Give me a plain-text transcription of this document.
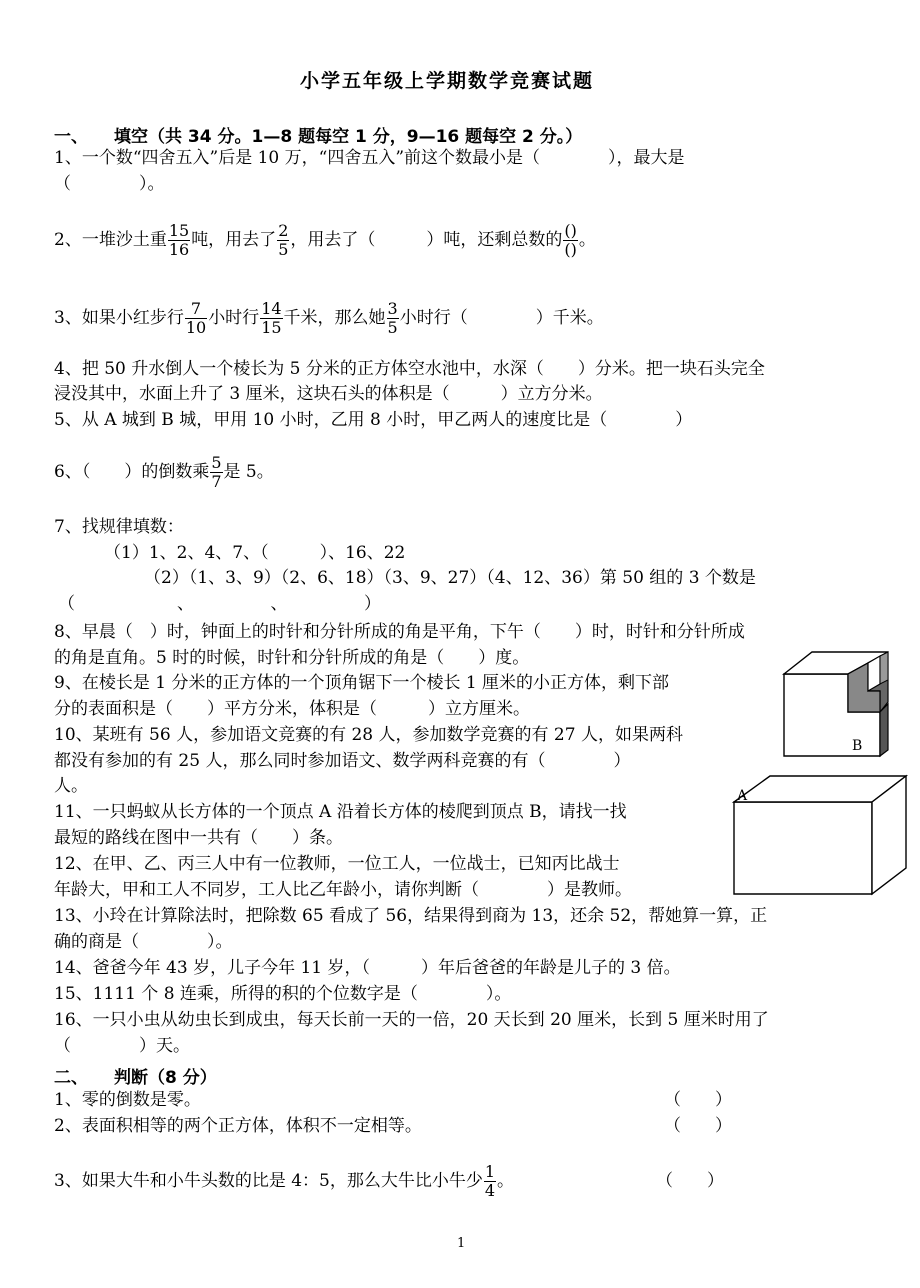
小学五年级上学期数学竞赛试题
一、 填空（共 34 分。1—8 题每空 1 分，9—16 题每空 2 分。）
1、一个数“四舍五入”后是 10 万，“四舍五入”前这个数最小是（　　　　），最大是
（　　　　）。
2、一堆沙土重 $\frac{15}{16}$ 吨，用去了 $\frac{2}{5}$ ，用去了（　　　）吨，还剩总数的 $\frac{()}{()}$ 。
3、如果小红步行 $\frac{7}{10}$ 小时行 $\frac{14}{15}$ 千米，那么她 $\frac{3}{5}$ 小时行（　　　　）千米。
4、把 50 升水倒人一个棱长为 5 分米的正方体空水池中，水深（　　）分米。把一块石头完全
浸没其中，水面上升了 3 厘米，这块石头的体积是（　　　）立方分米。
5、从 A 城到 B 城，甲用 10 小时，乙用 8 小时，甲乙两人的速度比是（　　　　）
6、（　　）的倒数乘 $\frac{5}{7}$ 是 5。
7、找规律填数：
（1）1、2、4、7、（　　　）、16、22
（2）（1、3、9）（2、6、18）（3、9、27）（4、12、36）第 50 组的 3 个数是
（　　　　　　、　　　　　、　　　　　）
8、早晨（　）时，钟面上的时针和分针所成的角是平角，下午（　　）时，时针和分针所成
的角是直角。5 时的时候，时针和分针所成的角是（　　）度。
9、在棱长是 1 分米的正方体的一个顶角锯下一个棱长 1 厘米的小正方体，剩下部
分的表面积是（　　）平方分米，体积是（　　　）立方厘米。
10、某班有 56 人，参加语文竞赛的有 28 人，参加数学竞赛的有 27 人，如果两科
都没有参加的有 25 人，那么同时参加语文、数学两科竞赛的有（　　　　）
人。
11、一只蚂蚁从长方体的一个顶点 A 沿着长方体的棱爬到顶点 B，请找一找
最短的路线在图中一共有（　　）条。
12、在甲、乙、丙三人中有一位教师，一位工人，一位战士，已知丙比战士
年龄大，甲和工人不同岁，工人比乙年龄小，请你判断（　　　　）是教师。
13、小玲在计算除法时，把除数 65 看成了 56，结果得到商为 13，还余 52，帮她算一算，正
确的商是（　　　　）。
14、爸爸今年 43 岁，儿子今年 11 岁，（　　　）年后爸爸的年龄是儿子的 3 倍。
15、1111 个 8 连乘，所得的积的个位数字是（　　　　）。
16、一只小虫从幼虫长到成虫，每天长前一天的一倍，20 天长到 20 厘米，长到 5 厘米时用了
（　　　　）天。
二、 判断（8 分）
1、零的倒数是零。	（　　）
2、表面积相等的两个正方体，体积不一定相等。	（　　）
3、如果大牛和小牛头数的比是 4：5，那么大牛比小牛少 $\frac{1}{4}$ 。	（　　）
B
A
1
